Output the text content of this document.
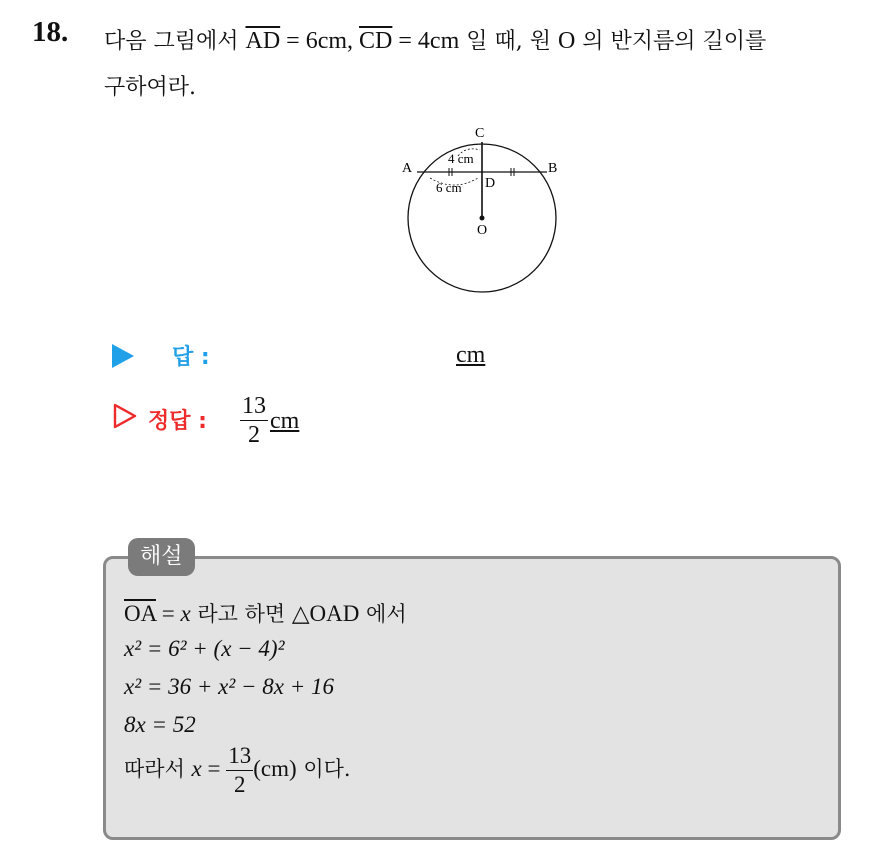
18. 다음 그림에서 $\overline{AD} = 6cm$, $\overline{CD} = 4cm$ 일 때, 원 O 의 반지름의 길이를
구하여라.
A	B
C
D
O
4 cm
6 cm
답 :	cm
정답 : $\frac{13}{2}$ cm
해설
$\overline{OA} = x$ 라고 하면 △OAD 에서
x² = 6² + (x − 4)²
x² = 36 + x² − 8x + 16
8x = 52
따라서 $x = \frac{13}{2} (cm)$ 이다.
